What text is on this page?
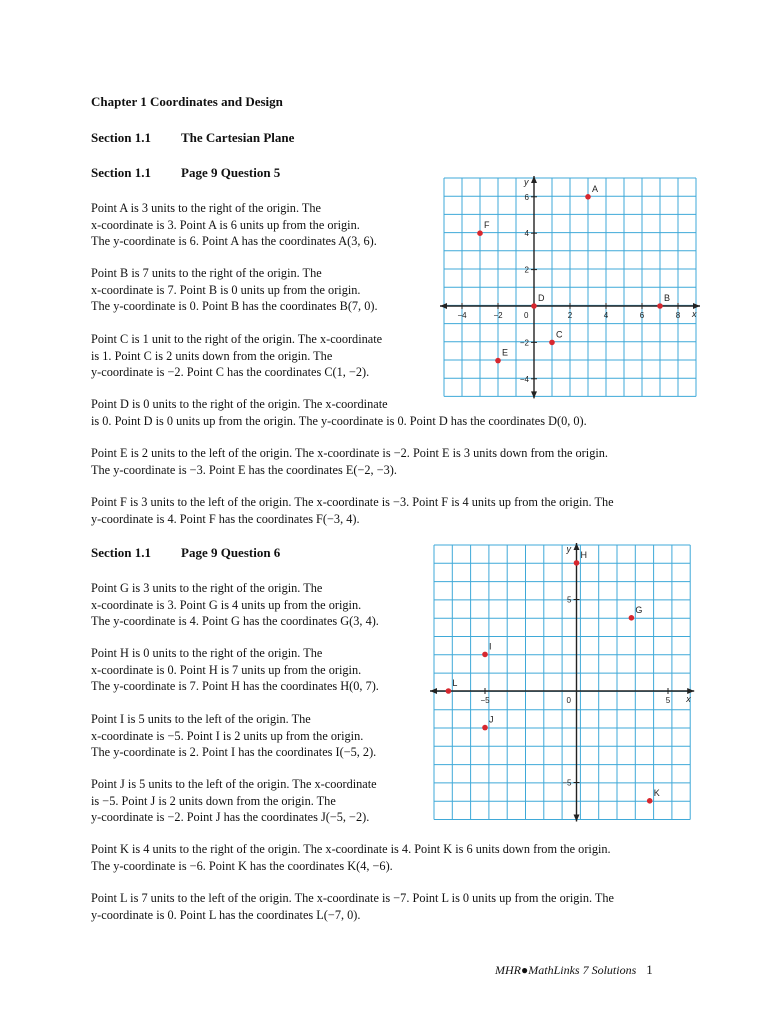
Chapter 1 Coordinates and Design
Section 1.1 The Cartesian Plane
Section 1.1 Page 9 Question 5
Point A is 3 units to the right of the origin. The
x-coordinate is 3. Point A is 6 units up from the origin.
The y-coordinate is 6. Point A has the coordinates A(3, 6).
Point B is 7 units to the right of the origin. The
x-coordinate is 7. Point B is 0 units up from the origin.
The y-coordinate is 0. Point B has the coordinates B(7, 0).
Point C is 1 unit to the right of the origin. The x-coordinate
is 1. Point C is 2 units down from the origin. The
y-coordinate is −2. Point C has the coordinates C(1, −2).
Point D is 0 units to the right of the origin. The x-coordinate
is 0. Point D is 0 units up from the origin. The y-coordinate is 0. Point D has the coordinates D(0, 0).
Point E is 2 units to the left of the origin. The x-coordinate is −2. Point E is 3 units down from the origin.
The y-coordinate is −3. Point E has the coordinates E(−2, −3).
Point F is 3 units to the left of the origin. The x-coordinate is −3. Point F is 4 units up from the origin. The
y-coordinate is 4. Point F has the coordinates F(−3, 4).
x
y
0
−4	−2	2	4	6	8
6
4
2
−2
−4
A
B
C
D
E
F
Section 1.1 Page 9 Question 6
Point G is 3 units to the right of the origin. The
x-coordinate is 3. Point G is 4 units up from the origin.
The y-coordinate is 4. Point G has the coordinates G(3, 4).
Point H is 0 units to the right of the origin. The
x-coordinate is 0. Point H is 7 units up from the origin.
The y-coordinate is 7. Point H has the coordinates H(0, 7).
Point I is 5 units to the left of the origin. The
x-coordinate is −5. Point I is 2 units up from the origin.
The y-coordinate is 2. Point I has the coordinates I(−5, 2).
Point J is 5 units to the left of the origin. The x-coordinate
is −5. Point J is 2 units down from the origin. The
y-coordinate is −2. Point J has the coordinates J(−5, −2).
Point K is 4 units to the right of the origin. The x-coordinate is 4. Point K is 6 units down from the origin.
The y-coordinate is −6. Point K has the coordinates K(4, −6).
Point L is 7 units to the left of the origin. The x-coordinate is −7. Point L is 0 units up from the origin. The
y-coordinate is 0. Point L has the coordinates L(−7, 0).
x
y
0
−5	5
5
−5
G
H
I
J
K
L
MHR●MathLinks 7 Solutions 1
